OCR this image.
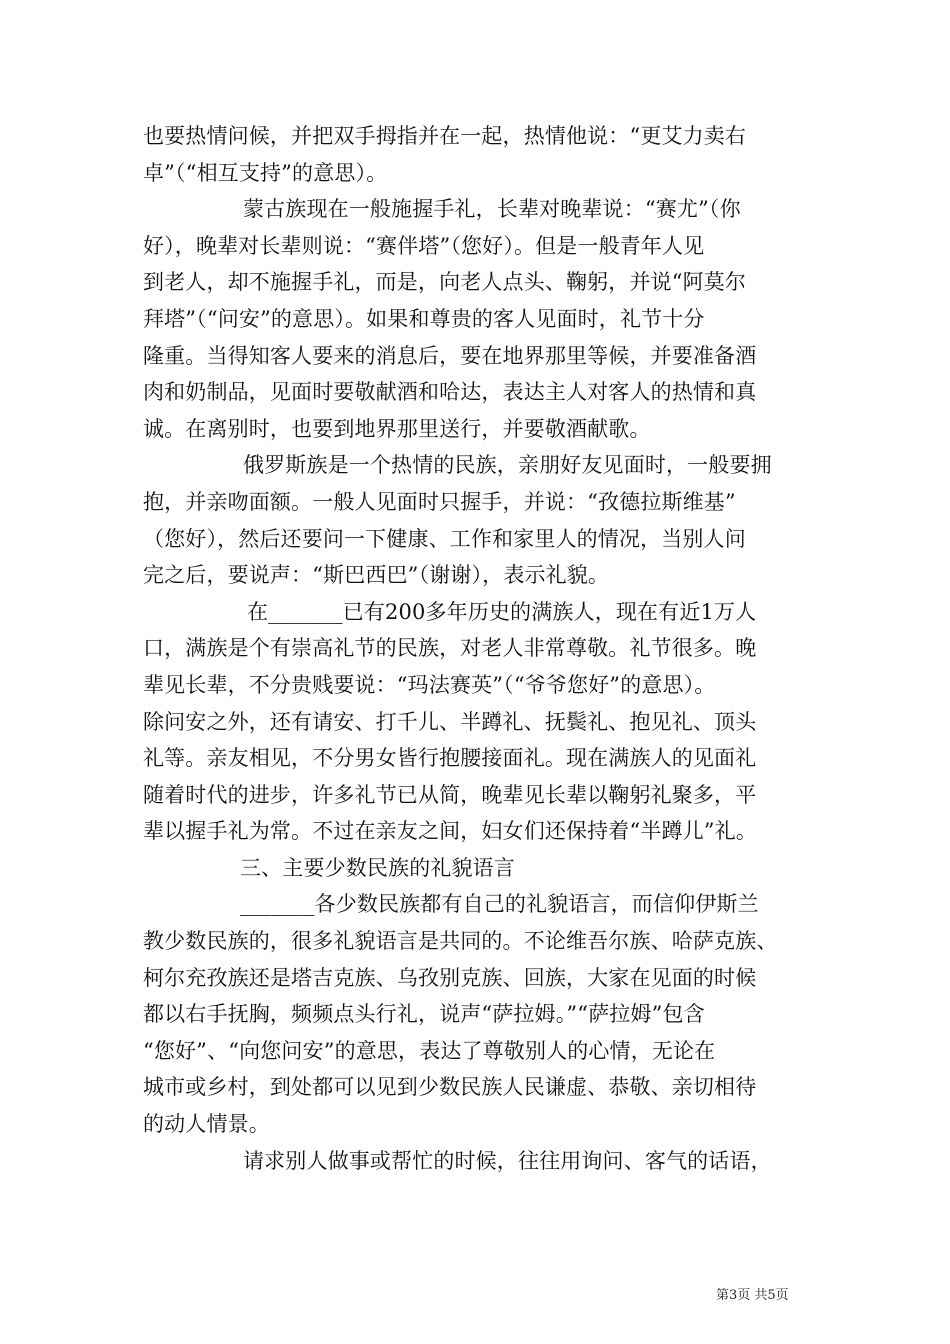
也要热情问候，并把双手拇指并在一起，热情他说：“更艾力卖右
卓”（“相互支持”的意思）。
蒙古族现在一般施握手礼，长辈对晚辈说：“赛尤”（你
好），晚辈对长辈则说：“赛伴塔”（您好）。但是一般青年人见
到老人，却不施握手礼，而是，向老人点头、鞠躬，并说“阿莫尔
拜塔”（“问安”的意思）。如果和尊贵的客人见面时，礼节十分
隆重。当得知客人要来的消息后，要在地界那里等候，并要准备酒
肉和奶制品，见面时要敬献酒和哈达，表达主人对客人的热情和真
诚。在离别时，也要到地界那里送行，并要敬酒献歌。
俄罗斯族是一个热情的民族，亲朋好友见面时，一般要拥
抱，并亲吻面额。一般人见面时只握手，并说：“孜德拉斯维基”
（您好），然后还要问一下健康、工作和家里人的情况，当别人问
完之后，要说声：“斯巴西巴”（谢谢），表示礼貌。
在_______已有200多年历史的满族人，现在有近1万人
口，满族是个有崇高礼节的民族，对老人非常尊敬。礼节很多。晚
辈见长辈，不分贵贱要说：“玛法赛英”（“爷爷您好”的意思）。
除问安之外，还有请安、打千儿、半蹲礼、抚鬓礼、抱见礼、顶头
礼等。亲友相见，不分男女皆行抱腰接面礼。现在满族人的见面礼
随着时代的进步，许多礼节已从简，晚辈见长辈以鞠躬礼聚多，平
辈以握手礼为常。不过在亲友之间，妇女们还保持着“半蹲儿”礼。
三、主要少数民族的礼貌语言
_______各少数民族都有自己的礼貌语言，而信仰伊斯兰
教少数民族的，很多礼貌语言是共同的。不论维吾尔族、哈萨克族、
柯尔充孜族还是塔吉克族、乌孜别克族、回族，大家在见面的时候
都以右手抚胸，频频点头行礼，说声“萨拉姆。”“萨拉姆”包含
“您好”、“向您问安”的意思，表达了尊敬别人的心情，无论在
城市或乡村，到处都可以见到少数民族人民谦虚、恭敬、亲切相待
的动人情景。
请求别人做事或帮忙的时候，往往用询问、客气的话语，
第3页 共5页
